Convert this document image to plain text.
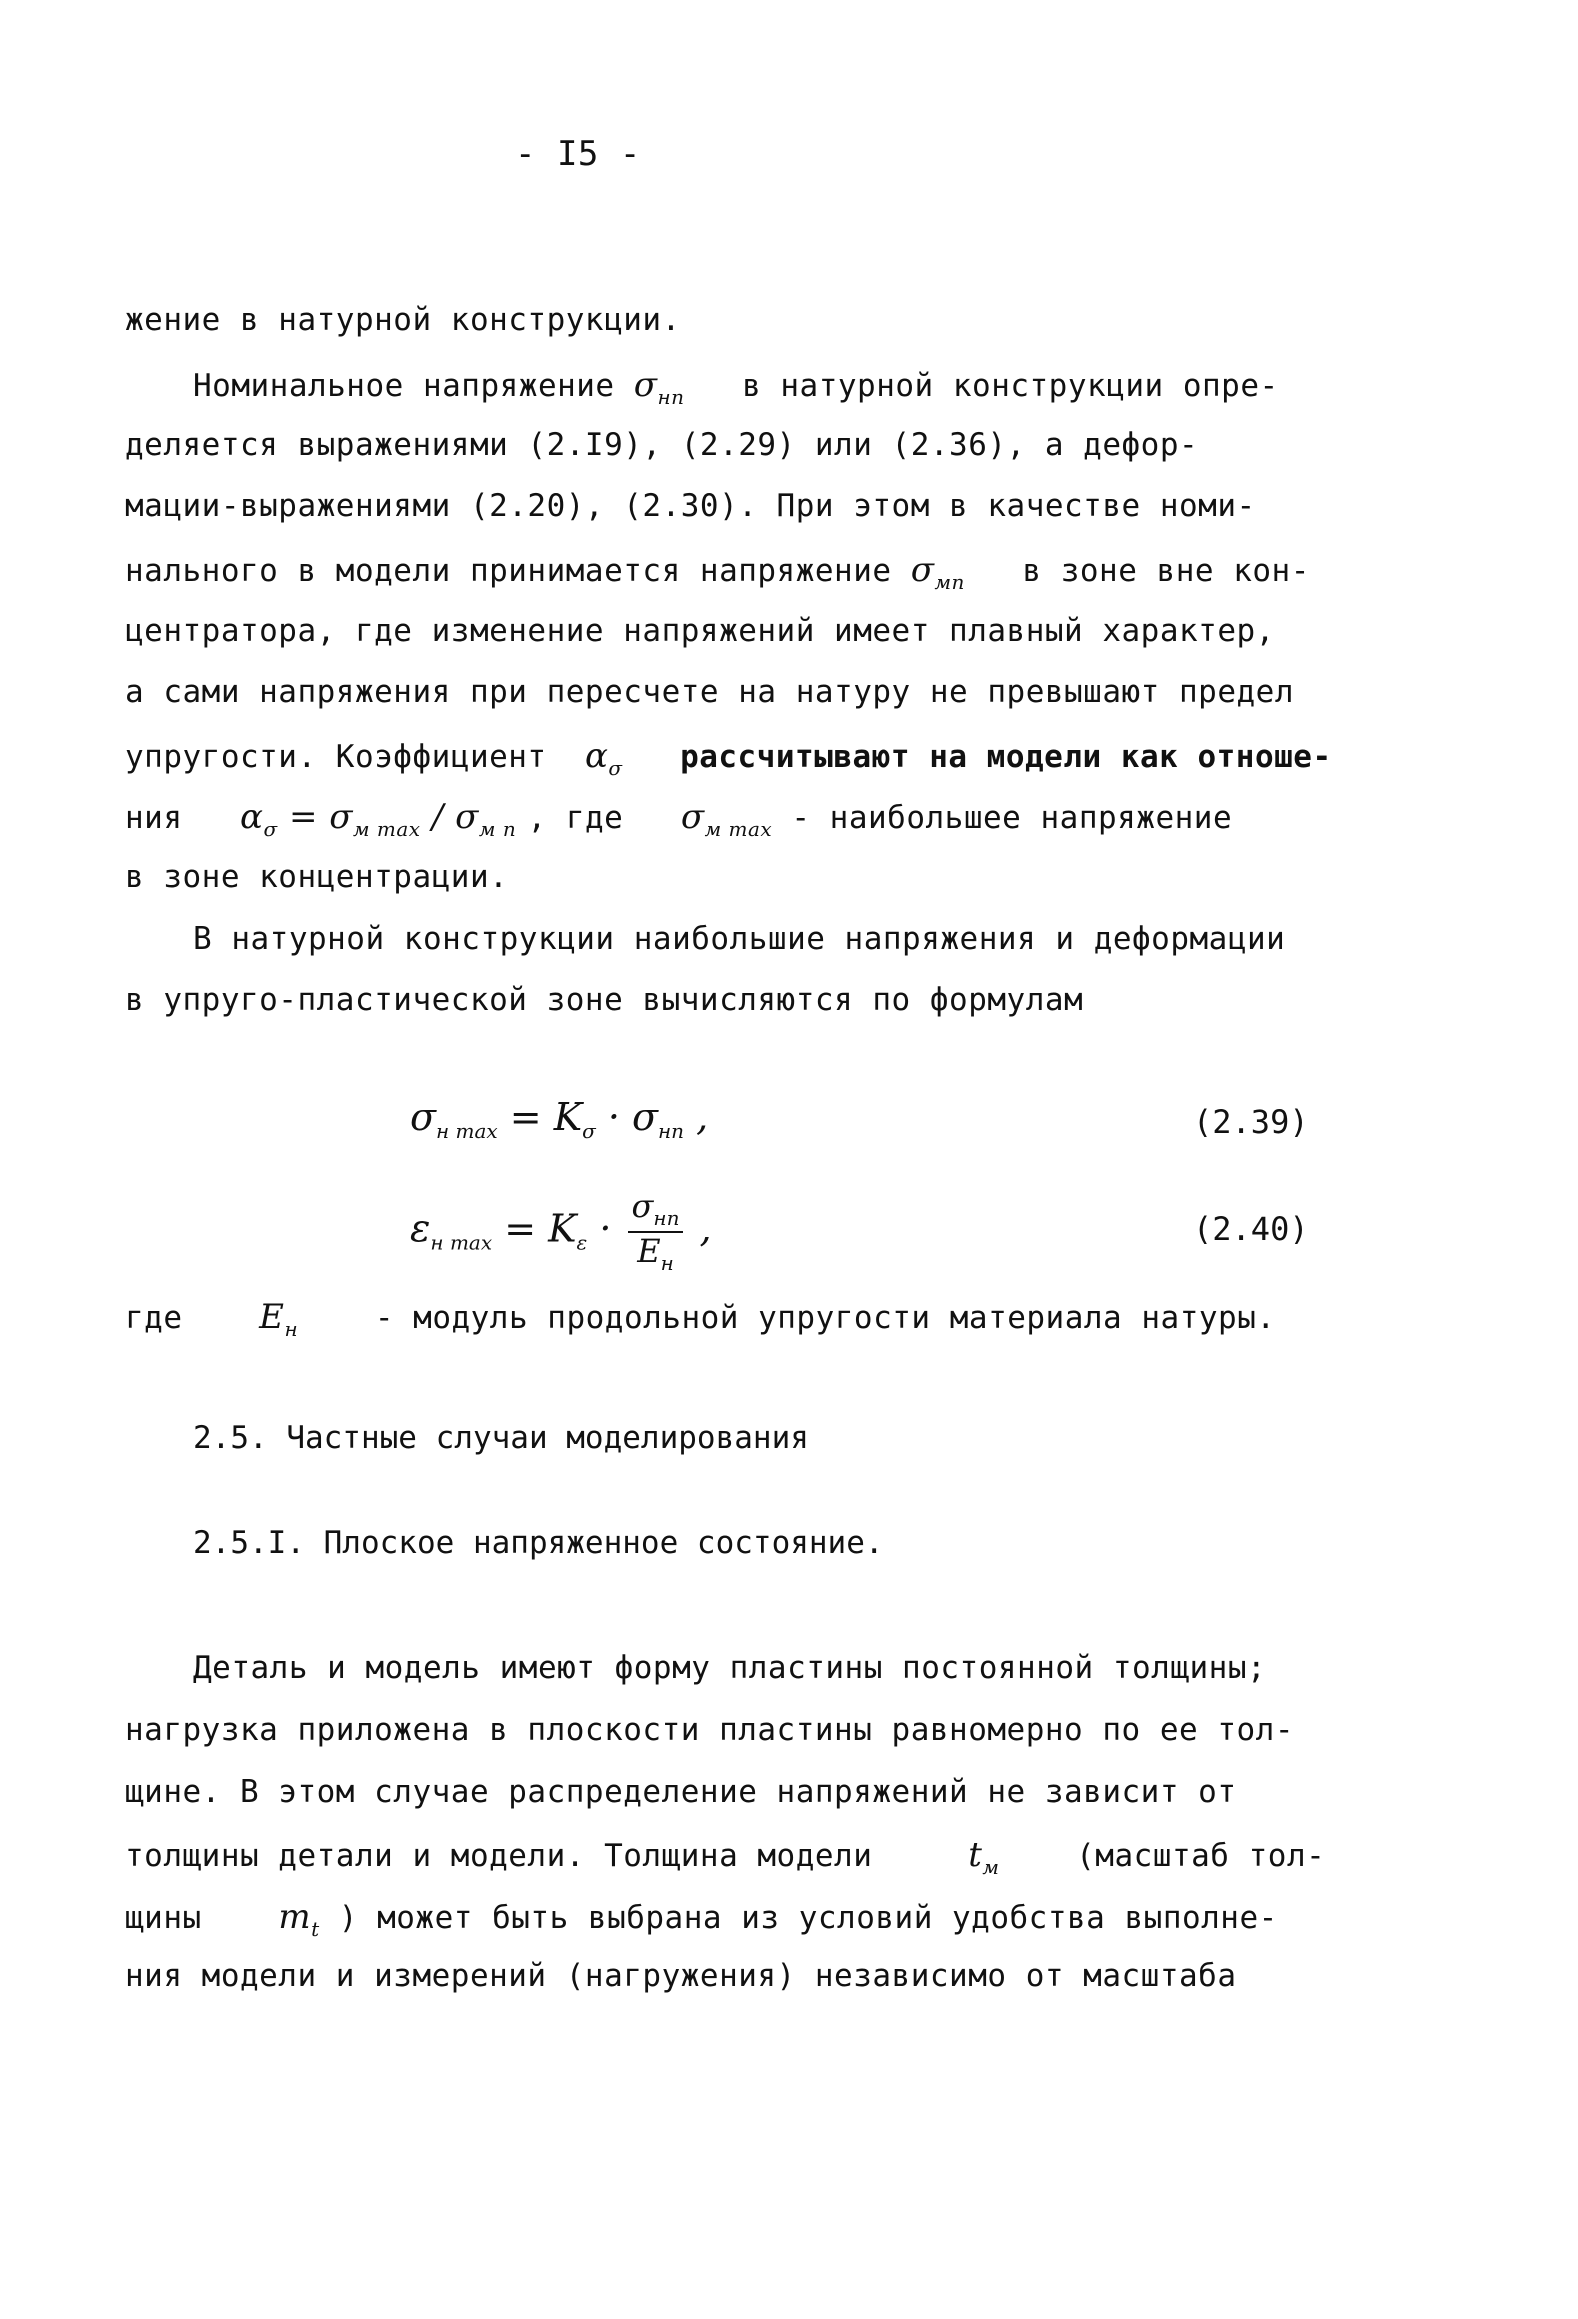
- I5 -
жение в натурной конструкции.
Номинальное напряжение $\sigma_{нn}$ в натурной конструкции опре-
деляется выражениями (2.I9), (2.29) или (2.36), а дефор-
мации-выражениями (2.20), (2.30). При этом в качестве номи-
нального в модели принимается напряжение $\sigma_{мn}$ в зоне вне кон-
центратора, где изменение напряжений имеет плавный характер,
а сами напряжения при пересчете на натуру не превышают предел
упругости. Коэффициент $\alpha_\sigma$ рассчитывают на модели как отноше-
ния $\alpha_\sigma = \sigma_{м max} / \sigma_{м n}$ , где $\sigma_{м max}$ - наибольшее напряжение
в зоне концентрации.
В натурной конструкции наибольшие напряжения и деформации
в упруго-пластической зоне вычисляются по формулам
$\sigma_{н max} = K_\sigma \cdot \sigma_{нn}$ ,	(2.39)
$\varepsilon_{н max} = K_\varepsilon \cdot \frac{\sigma_{нn}}{E_н}$ ,	(2.40)
где $E_н$ - модуль продольной упругости материала натуры.
2.5. Частные случаи моделирования
2.5.I. Плоское напряженное состояние.
Деталь и модель имеют форму пластины постоянной толщины;
нагрузка приложена в плоскости пластины равномерно по ее тол-
щине. В этом случае распределение напряжений не зависит от
толщины детали и модели. Толщина модели	$t_м$ (масштаб тол-
щины $m_t$ ) может быть выбрана из условий удобства выполне-
ния модели и измерений (нагружения) независимо от масштаба
